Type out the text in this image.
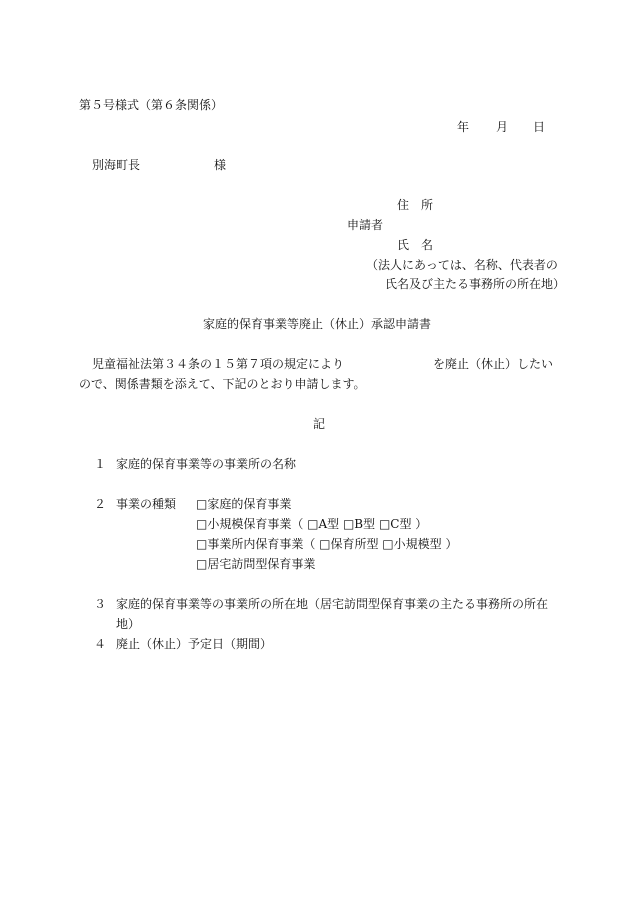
第５号様式（第６条関係）
年 月 日
別海町長	様
住　所
申請者
氏　名
（法人にあっては、名称、代表者の
氏名及び主たる事務所の所在地）
家庭的保育事業等廃止（休止）承認申請書
児童福祉法第３４条の１５第７項の規定により	を廃止（休止）したい
ので、関係書類を添えて、下記のとおり申請します。
記
１ 家庭的保育事業等の事業所の名称
２ 事業の種類 □家庭的保育事業
□小規模保育事業（ □A型 □B型 □C型 ）
□事業所内保育事業（ □保育所型 □小規模型 ）
□居宅訪問型保育事業
３ 家庭的保育事業等の事業所の所在地（居宅訪問型保育事業の主たる事務所の所在
地）
４ 廃止（休止）予定日（期間）
